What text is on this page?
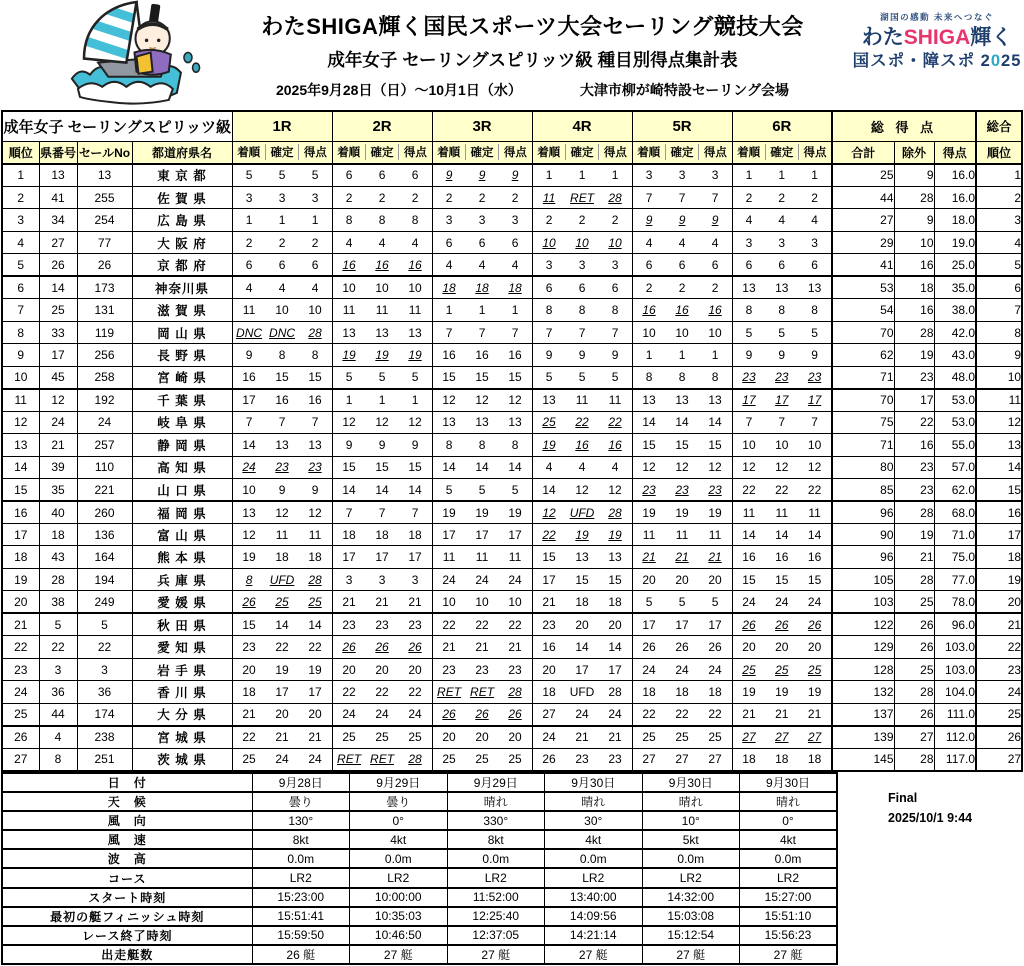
わたSHIGA輝く国民スポーツ大会セーリング競技大会
成年女子 セーリングスピリッツ級 種目別得点集計表
2025年9月28日（日）～10月1日（水）	大津市柳が崎特設セーリング会場
湖国の感動 未来へつなぐ
わたSHIGA輝く
国スポ・障スポ 2025
成年女子 セーリングスピリッツ級				1R	2R	3R	4R	5R	6R	総 得 点			総合
順位	県番号	セールNo	都道府県名	着順 確定 得点	着順 確定 得点	着順 確定 得点	着順 確定 得点	着順 確定 得点	着順 確定 得点	合計	除外	得点	順位
1	13	13	東 京 都	5 5 5	6 6 6	9 9 9	1 1 1	3 3 3	1 1 1	25	9	16.0	1
2	41	255	佐 賀 県	3 3 3	2 2 2	2 2 2	11 RET 28	7 7 7	2 2 2	44	28	16.0	2
3	34	254	広 島 県	1 1 1	8 8 8	3 3 3	2 2 2	9 9 9	4 4 4	27	9	18.0	3
4	27	77	大 阪 府	2 2 2	4 4 4	6 6 6	10 10 10	4 4 4	3 3 3	29	10	19.0	4
5	26	26	京 都 府	6 6 6	16 16 16	4 4 4	3 3 3	6 6 6	6 6 6	41	16	25.0	5
6	14	173	神奈川県	4 4 4	10 10 10	18 18 18	6 6 6	2 2 2	13 13 13	53	18	35.0	6
7	25	131	滋 賀 県	11 10 10	11 11 11	1 1 1	8 8 8	16 16 16	8 8 8	54	16	38.0	7
8	33	119	岡 山 県	DNC DNC 28	13 13 13	7 7 7	7 7 7	10 10 10	5 5 5	70	28	42.0	8
9	17	256	長 野 県	9 8 8	19 19 19	16 16 16	9 9 9	1 1 1	9 9 9	62	19	43.0	9
10	45	258	宮 崎 県	16 15 15	5 5 5	15 15 15	5 5 5	8 8 8	23 23 23	71	23	48.0	10
11	12	192	千 葉 県	17 16 16	1 1 1	12 12 12	13 11 11	13 13 13	17 17 17	70	17	53.0	11
12	24	24	岐 阜 県	7 7 7	12 12 12	13 13 13	25 22 22	14 14 14	7 7 7	75	22	53.0	12
13	21	257	静 岡 県	14 13 13	9 9 9	8 8 8	19 16 16	15 15 15	10 10 10	71	16	55.0	13
14	39	110	高 知 県	24 23 23	15 15 15	14 14 14	4 4 4	12 12 12	12 12 12	80	23	57.0	14
15	35	221	山 口 県	10 9 9	14 14 14	5 5 5	14 12 12	23 23 23	22 22 22	85	23	62.0	15
16	40	260	福 岡 県	13 12 12	7 7 7	19 19 19	12 UFD 28	19 19 19	11 11 11	96	28	68.0	16
17	18	136	富 山 県	12 11 11	18 18 18	17 17 17	22 19 19	11 11 11	14 14 14	90	19	71.0	17
18	43	164	熊 本 県	19 18 18	17 17 17	11 11 11	15 13 13	21 21 21	16 16 16	96	21	75.0	18
19	28	194	兵 庫 県	8 UFD 28	3 3 3	24 24 24	17 15 15	20 20 20	15 15 15	105	28	77.0	19
20	38	249	愛 媛 県	26 25 25	21 21 21	10 10 10	21 18 18	5 5 5	24 24 24	103	25	78.0	20
21	5	5	秋 田 県	15 14 14	23 23 23	22 22 22	23 20 20	17 17 17	26 26 26	122	26	96.0	21
22	22	22	愛 知 県	23 22 22	26 26 26	21 21 21	16 14 14	26 26 26	20 20 20	129	26	103.0	22
23	3	3	岩 手 県	20 19 19	20 20 20	23 23 23	20 17 17	24 24 24	25 25 25	128	25	103.0	23
24	36	36	香 川 県	18 17 17	22 22 22	RET RET 28	18 UFD 28	18 18 18	19 19 19	132	28	104.0	24
25	44	174	大 分 県	21 20 20	24 24 24	26 26 26	27 24 24	22 22 22	21 21 21	137	26	111.0	25
26	4	238	宮 城 県	22 21 21	25 25 25	20 20 20	24 21 21	25 25 25	27 27 27	139	27	112.0	26
27	8	251	茨 城 県	25 24 24	RET RET 28	25 25 25	26 23 23	27 27 27	18 18 18	145	28	117.0	27
日　付	9月28日	9月29日	9月29日	9月30日	9月30日	9月30日
天　候	曇り	曇り	晴れ	晴れ	晴れ	晴れ
風　向	130°	0°	330°	30°	10°	0°
風　速	8kt	4kt	8kt	4kt	5kt	4kt
波　高	0.0m	0.0m	0.0m	0.0m	0.0m	0.0m
コース	LR2	LR2	LR2	LR2	LR2	LR2
スタート時刻	15:23:00	10:00:00	11:52:00	13:40:00	14:32:00	15:27:00
最初の艇フィニッシュ時刻	15:51:41	10:35:03	12:25:40	14:09:56	15:03:08	15:51:10
レース終了時刻	15:59:50	10:46:50	12:37:05	14:21:14	15:12:54	15:56:23
出走艇数	26 艇	27 艇	27 艇	27 艇	27 艇	27 艇
Final
2025/10/1 9:44
